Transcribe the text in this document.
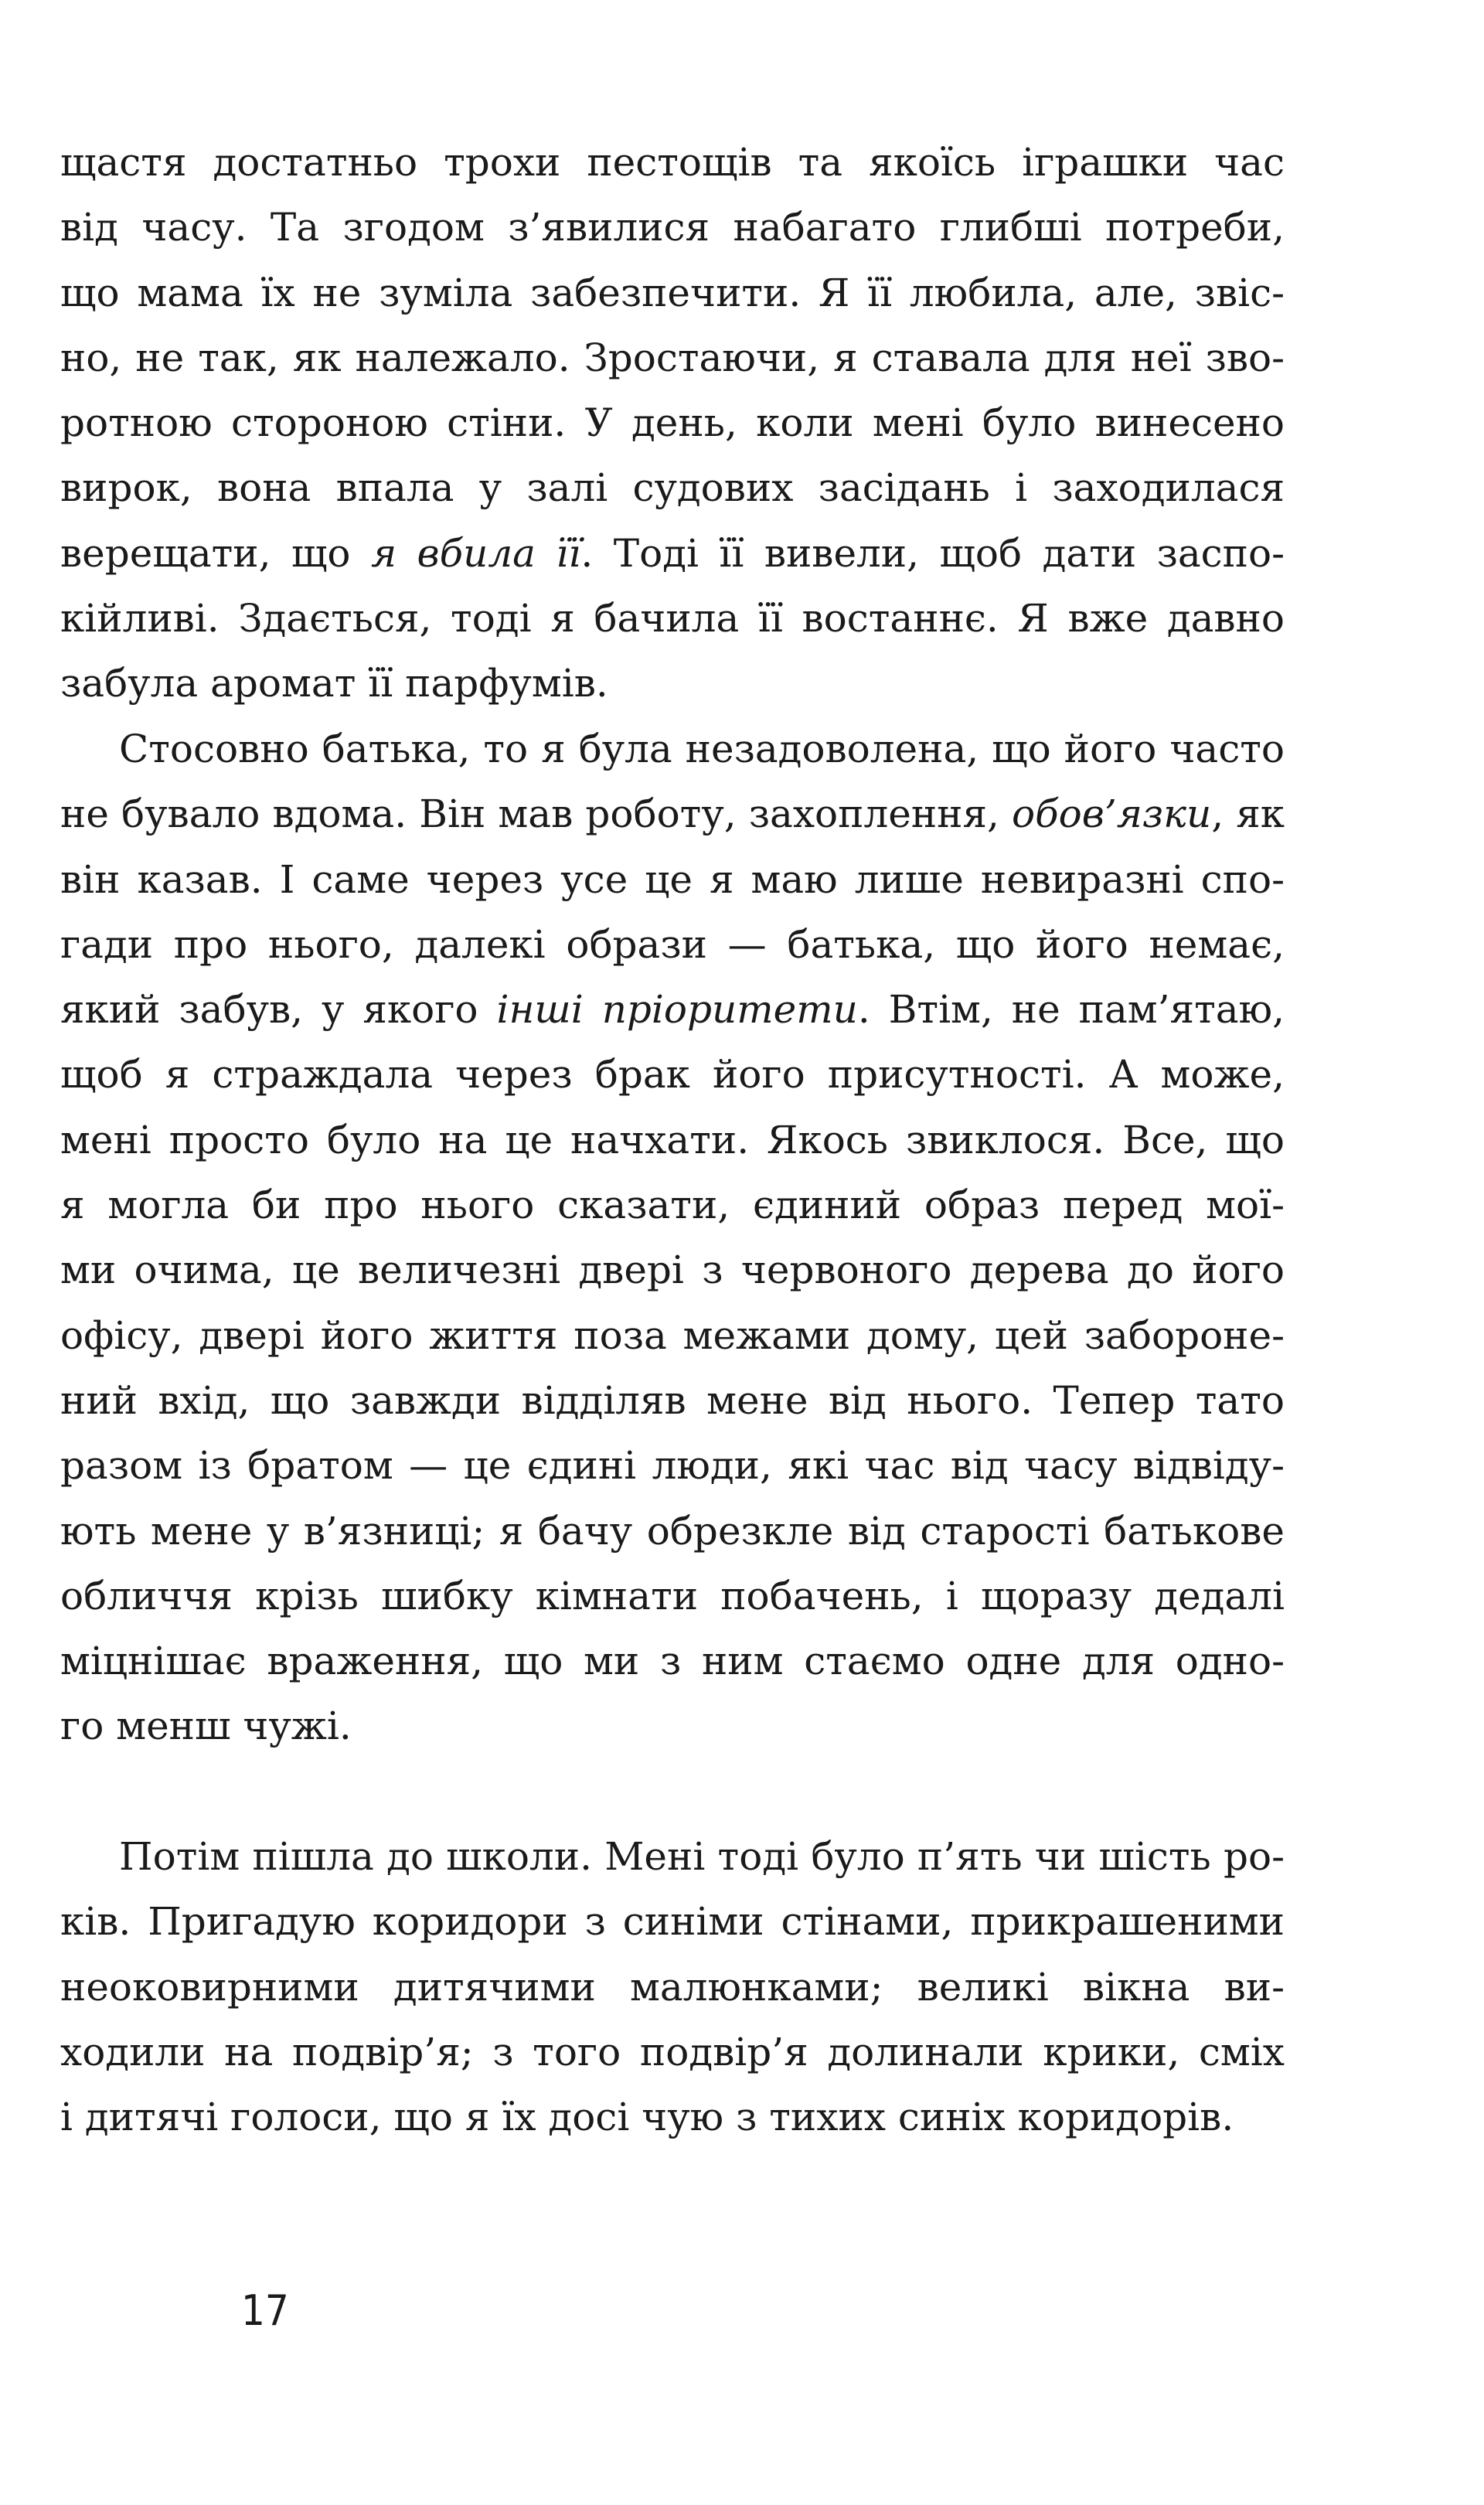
щастя достатньо трохи пестощів та якоїсь іграшки час
від часу. Та згодом з’явилися набагато глибші потреби,
що мама їх не зуміла забезпечити. Я її любила, але, звіс-
но, не так, як належало. Зростаючи, я ставала для неї зво-
ротною стороною стіни. У день, коли мені було винесено
вирок, вона впала у залі судових засідань і заходилася
верещати, що я вбила її. Тоді її вивели, щоб дати заспо-
кійливі. Здається, тоді я бачила її востаннє. Я вже давно
забула аромат її парфумів.
Стосовно батька, то я була незадоволена, що його часто
не бувало вдома. Він мав роботу, захоплення, обов’язки, як
він казав. І саме через усе це я маю лише невиразні спо-
гади про нього, далекі образи — батька, що його немає,
який забув, у якого інші пріоритети. Втім, не пам’ятаю,
щоб я страждала через брак його присутності. А може,
мені просто було на це начхати. Якось звиклося. Все, що
я могла би про нього сказати, єдиний образ перед мої-
ми очима, це величезні двері з червоного дерева до його
офісу, двері його життя поза межами дому, цей заборонe-
ний вхід, що завжди відділяв мене від нього. Тепер тато
разом із братом — це єдині люди, які час від часу відвіду-
ють мене у в’язниці; я бачу обрезкле від старості батькове
обличчя крізь шибку кімнати побачень, і щоразу дедалі
міцнішає враження, що ми з ним стаємо одне для одно-
го менш чужі.
Потім пішла до школи. Мені тоді було п’ять чи шість ро-
ків. Пригадую коридори з синіми стінами, прикрашеними
неоковирними дитячими малюнками; великі вікна ви-
ходили на подвір’я; з того подвір’я долинали крики, сміх
і дитячі голоси, що я їх досі чую з тихих синіх коридорів.
17
